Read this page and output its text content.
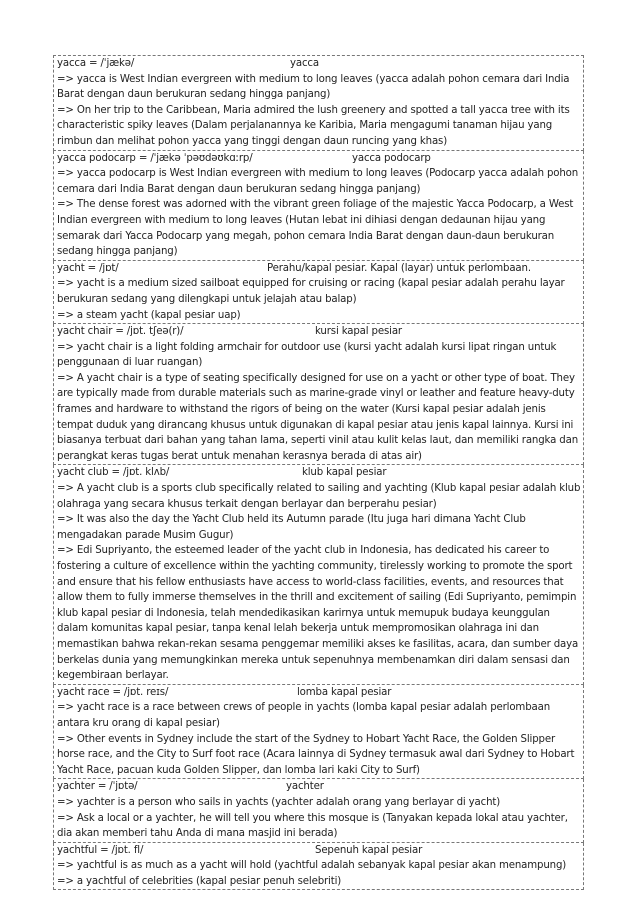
yacca = /ˈjækə/	yacca

=> yacca is West Indian evergreen with medium to long leaves (yacca adalah pohon cemara dari India Barat dengan daun berukuran sedang hingga panjang)

=> On her trip to the Caribbean, Maria admired the lush greenery and spotted a tall yacca tree with its characteristic spiky leaves (Dalam perjalanannya ke Karibia, Maria mengagumi tanaman hijau yang rimbun dan melihat pohon yacca yang tinggi dengan daun runcing yang khas)

yacca podocarp = /ˈjækə ˈpəʊdəʊkɑːrp/	yacca podocarp

=> yacca podocarp is West Indian evergreen with medium to long leaves (Podocarp yacca adalah pohon cemara dari India Barat dengan daun berukuran sedang hingga panjang)

=> The dense forest was adorned with the vibrant green foliage of the majestic Yacca Podocarp, a West Indian evergreen with medium to long leaves (Hutan lebat ini dihiasi dengan dedaunan hijau yang semarak dari Yacca Podocarp yang megah, pohon cemara India Barat dengan daun-daun berukuran sedang hingga panjang)

yacht = /jɒt/	Perahu/kapal pesiar. Kapal (layar) untuk perlombaan.

=> yacht is a medium sized sailboat equipped for cruising or racing (kapal pesiar adalah perahu layar berukuran sedang yang dilengkapi untuk jelajah atau balap)

=> a steam yacht (kapal pesiar uap)

yacht chair = /jɒt. tʃeə(r)/	kursi kapal pesiar

=> yacht chair is a light folding armchair for outdoor use (kursi yacht adalah kursi lipat ringan untuk penggunaan di luar ruangan)

=> A yacht chair is a type of seating specifically designed for use on a yacht or other type of boat. They are typically made from durable materials such as marine-grade vinyl or leather and feature heavy-duty frames and hardware to withstand the rigors of being on the water (Kursi kapal pesiar adalah jenis tempat duduk yang dirancang khusus untuk digunakan di kapal pesiar atau jenis kapal lainnya. Kursi ini biasanya terbuat dari bahan yang tahan lama, seperti vinil atau kulit kelas laut, dan memiliki rangka dan perangkat keras tugas berat untuk menahan kerasnya berada di atas air)

yacht club = /jɒt. klʌb/	klub kapal pesiar

=> A yacht club is a sports club specifically related to sailing and yachting (Klub kapal pesiar adalah klub olahraga yang secara khusus terkait dengan berlayar dan berperahu pesiar)

=> It was also the day the Yacht Club held its Autumn parade (Itu juga hari dimana Yacht Club mengadakan parade Musim Gugur)

=> Edi Supriyanto, the esteemed leader of the yacht club in Indonesia, has dedicated his career to fostering a culture of excellence within the yachting community, tirelessly working to promote the sport and ensure that his fellow enthusiasts have access to world-class facilities, events, and resources that allow them to fully immerse themselves in the thrill and excitement of sailing (Edi Supriyanto, pemimpin klub kapal pesiar di Indonesia, telah mendedikasikan karirnya untuk memupuk budaya keunggulan dalam komunitas kapal pesiar, tanpa kenal lelah bekerja untuk mempromosikan olahraga ini dan memastikan bahwa rekan-rekan sesama penggemar memiliki akses ke fasilitas, acara, dan sumber daya berkelas dunia yang memungkinkan mereka untuk sepenuhnya membenamkan diri dalam sensasi dan kegembiraan berlayar.

yacht race = /jɒt. reɪs/	lomba kapal pesiar

=> yacht race is a race between crews of people in yachts (lomba kapal pesiar adalah perlombaan antara kru orang di kapal pesiar)

=> Other events in Sydney include the start of the Sydney to Hobart Yacht Race, the Golden Slipper horse race, and the City to Surf foot race (Acara lainnya di Sydney termasuk awal dari Sydney to Hobart Yacht Race, pacuan kuda Golden Slipper, dan lomba lari kaki City to Surf)

yachter = /ˈjɒtə/	yachter

=> yachter is a person who sails in yachts (yachter adalah orang yang berlayar di yacht)

=> Ask a local or a yachter, he will tell you where this mosque is (Tanyakan kepada lokal atau yachter, dia akan memberi tahu Anda di mana masjid ini berada)

yachtful = /jɒt. fl/	Sepenuh kapal pesiar

=> yachtful is as much as a yacht will hold (yachtful adalah sebanyak kapal pesiar akan menampung)

=> a yachtful of celebrities (kapal pesiar penuh selebriti)
